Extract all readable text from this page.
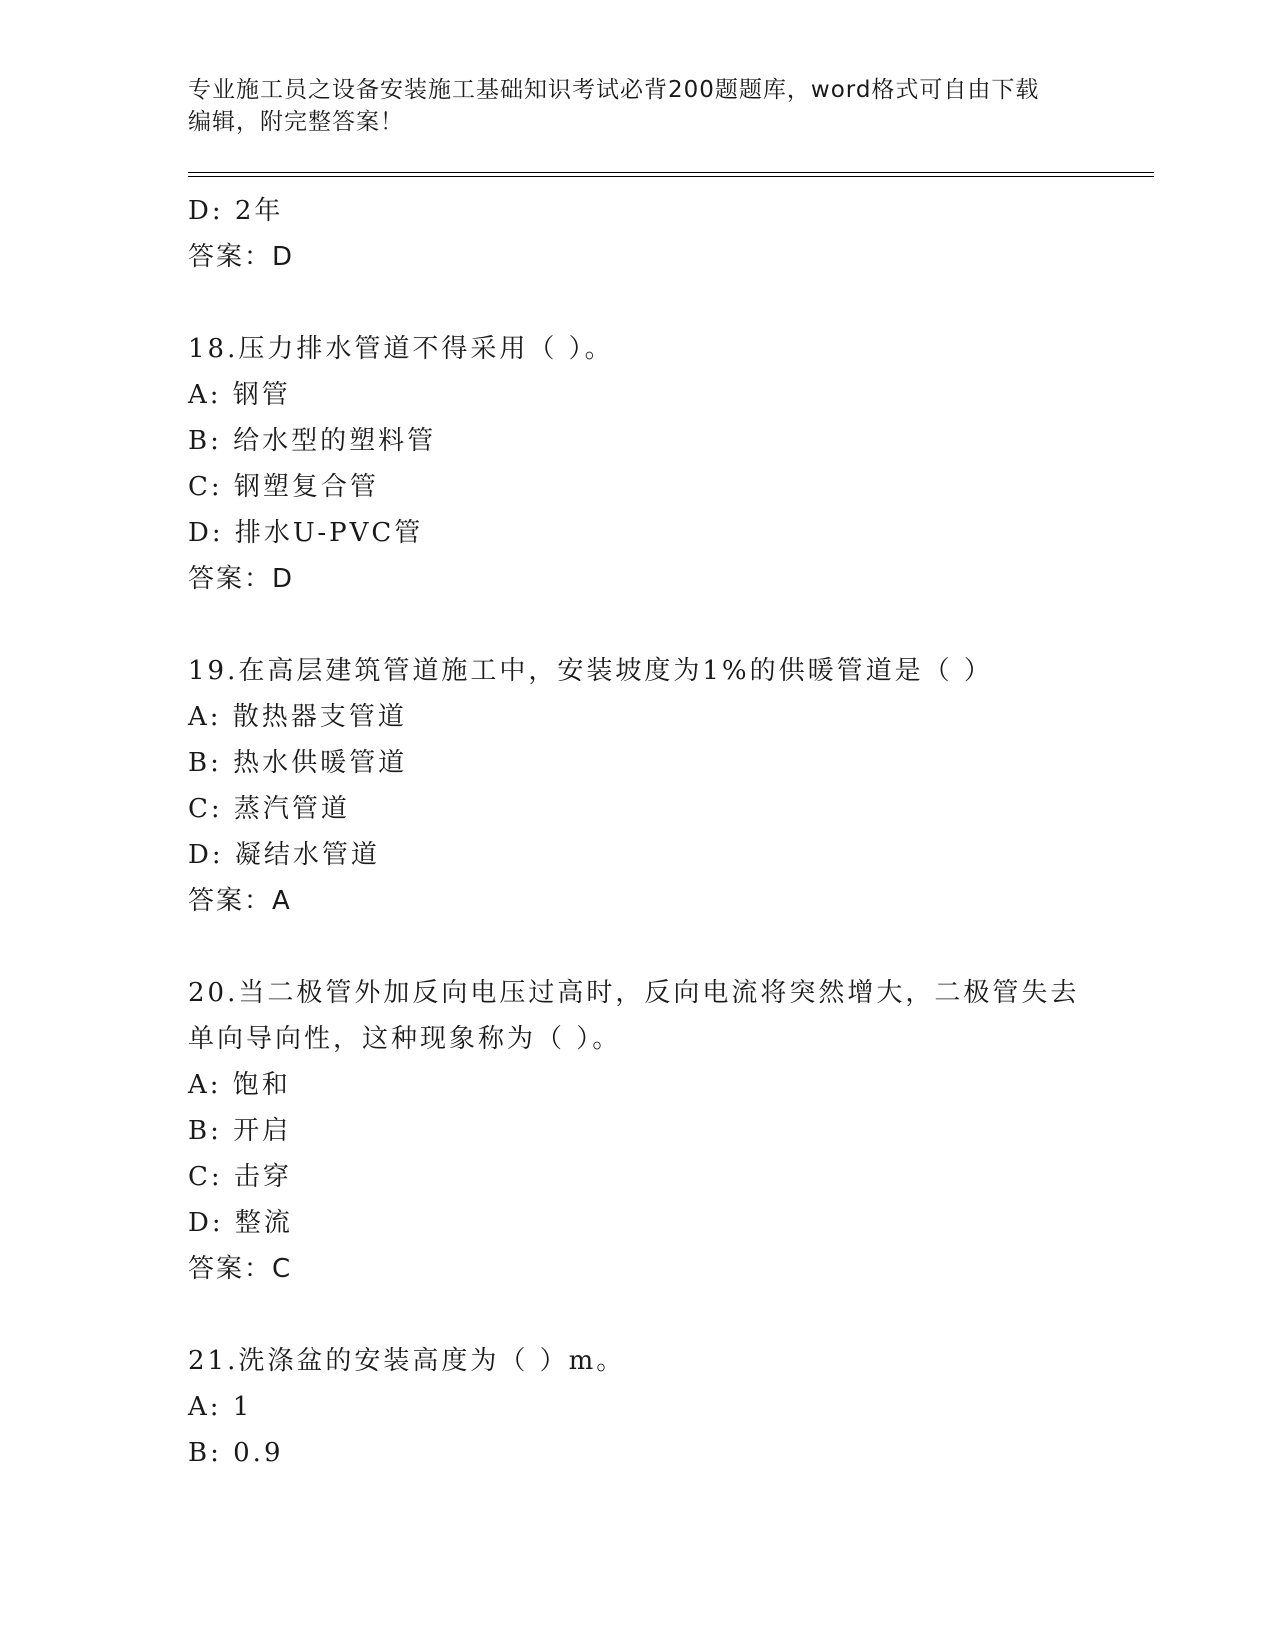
专业施工员之设备安装施工基础知识考试必背200题题库，word格式可自由下载
编辑，附完整答案！
D: 2年
答案：D
18.压力排水管道不得采用（ ）。
A: 钢管
B: 给水型的塑料管
C: 钢塑复合管
D: 排水U-PVC管
答案：D
19.在高层建筑管道施工中，安装坡度为1%的供暖管道是（ ）
A: 散热器支管道
B: 热水供暖管道
C: 蒸汽管道
D: 凝结水管道
答案：A
20.当二极管外加反向电压过高时，反向电流将突然增大，二极管失去
单向导向性，这种现象称为（ ）。
A: 饱和
B: 开启
C: 击穿
D: 整流
答案：C
21.洗涤盆的安装高度为（ ）m。
A: 1
B: 0.9
